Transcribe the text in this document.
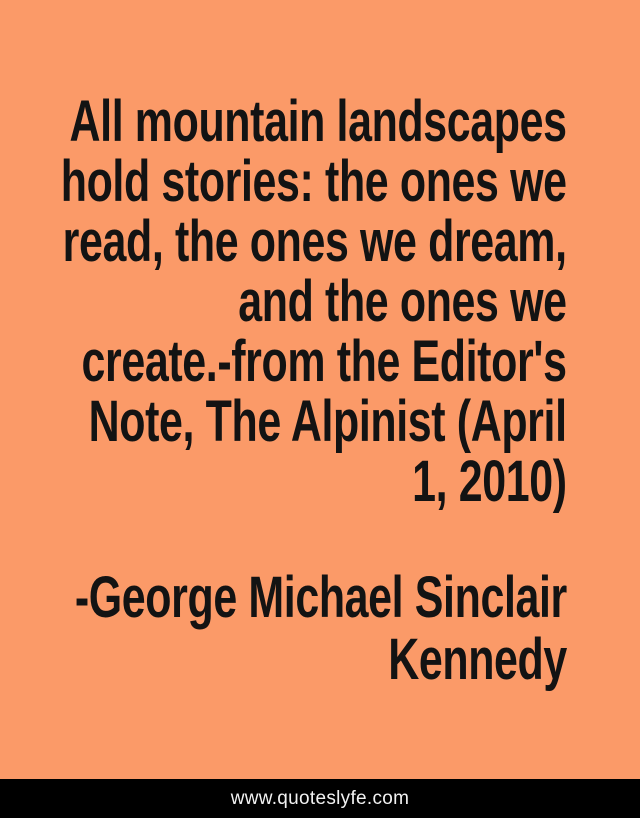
All mountain landscapes
hold stories: the ones we
read, the ones we dream,
and the ones we
create.-from the Editor's
Note, The Alpinist (April
1, 2010)
-George Michael Sinclair
Kennedy
www.quoteslyfe.com
